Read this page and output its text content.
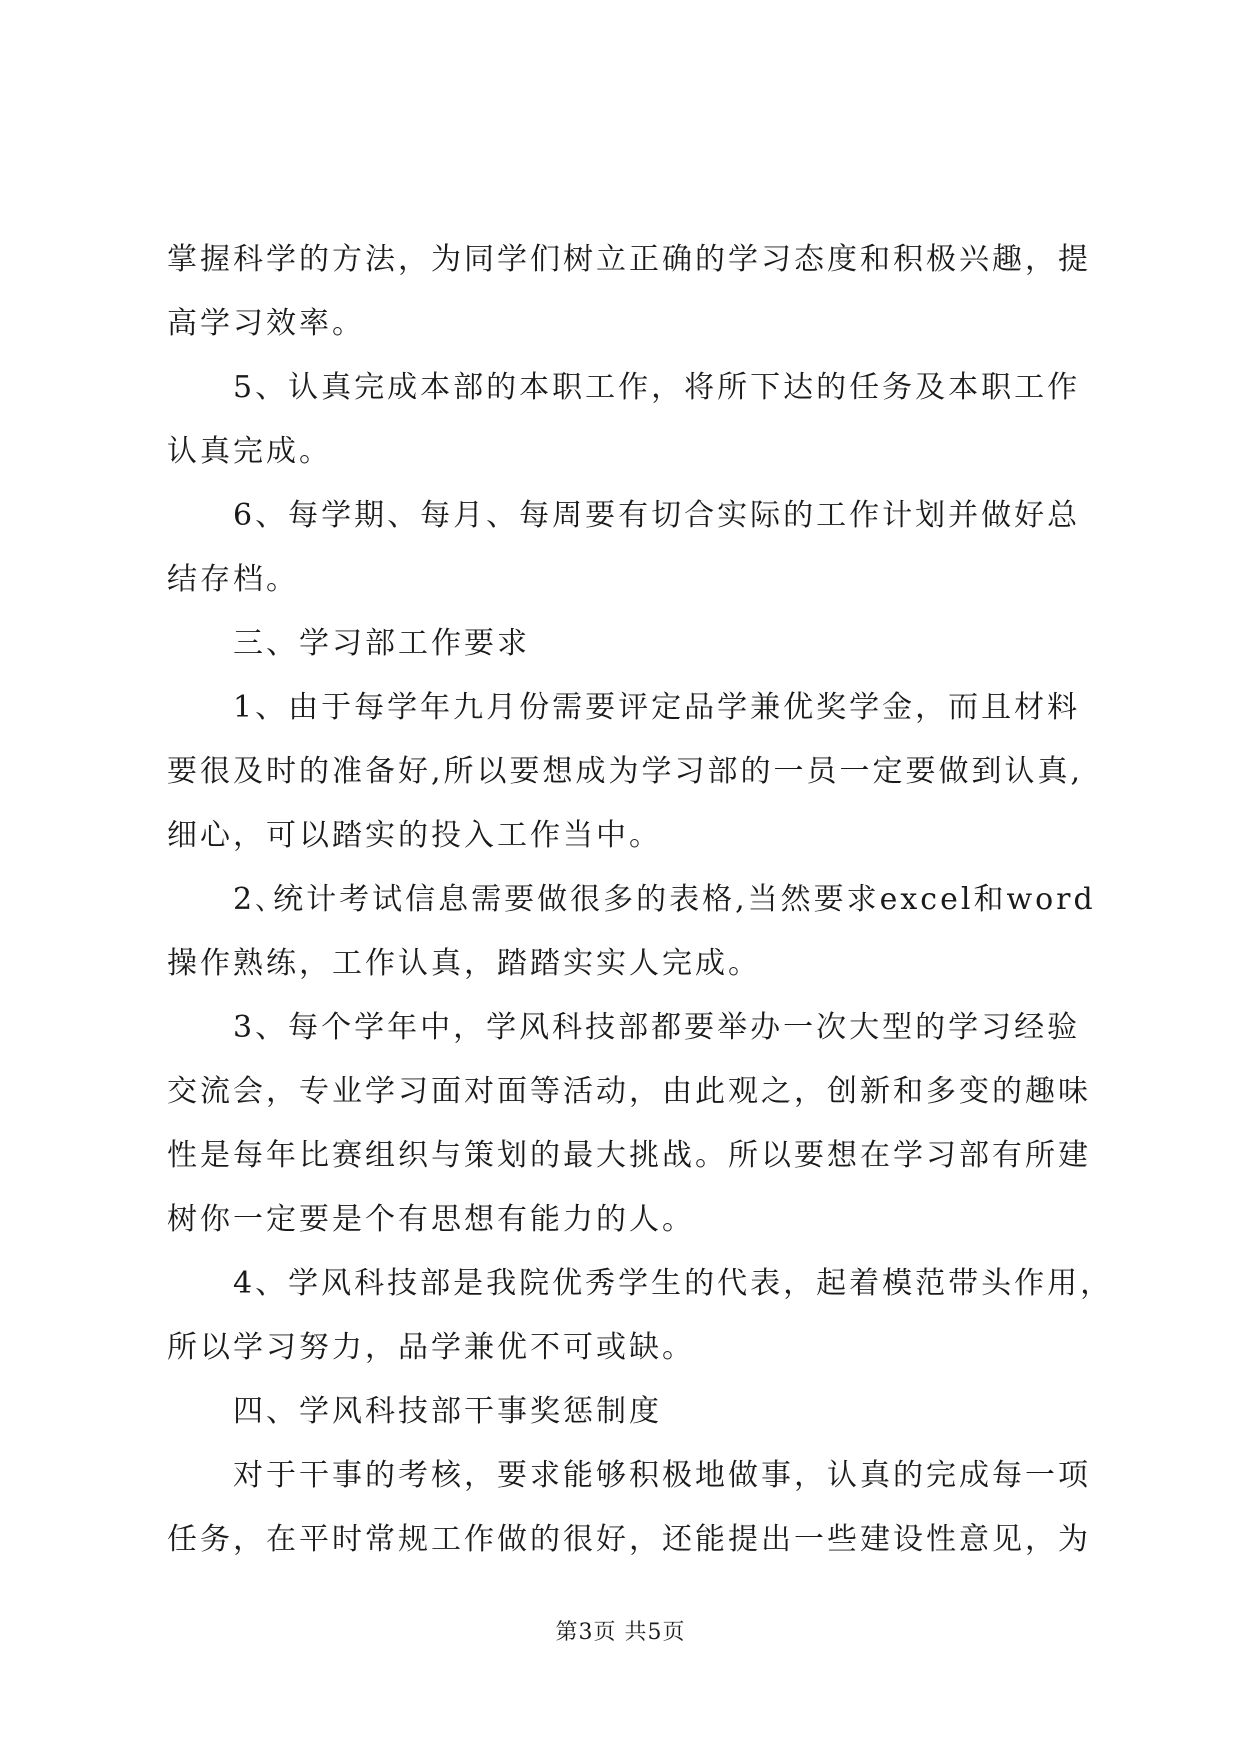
掌握科学的方法，为同学们树立正确的学习态度和积极兴趣，提
高学习效率。
5、认真完成本部的本职工作，将所下达的任务及本职工作
认真完成。
6、每学期、每月、每周要有切合实际的工作计划并做好总
结存档。
三、学习部工作要求
1、由于每学年九月份需要评定品学兼优奖学金，而且材料
要很及时的准备好,所以要想成为学习部的一员一定要做到认真,
细心，可以踏实的投入工作当中。
2､统计考试信息需要做很多的表格,当然要求excel和word
操作熟练，工作认真，踏踏实实人完成。
3、每个学年中，学风科技部都要举办一次大型的学习经验
交流会，专业学习面对面等活动，由此观之，创新和多变的趣味
性是每年比赛组织与策划的最大挑战。所以要想在学习部有所建
树你一定要是个有思想有能力的人。
4、学风科技部是我院优秀学生的代表，起着模范带头作用，
所以学习努力，品学兼优不可或缺。
四、学风科技部干事奖惩制度
对于干事的考核，要求能够积极地做事，认真的完成每一项
任务，在平时常规工作做的很好，还能提出一些建设性意见，为
第3页 共5页
